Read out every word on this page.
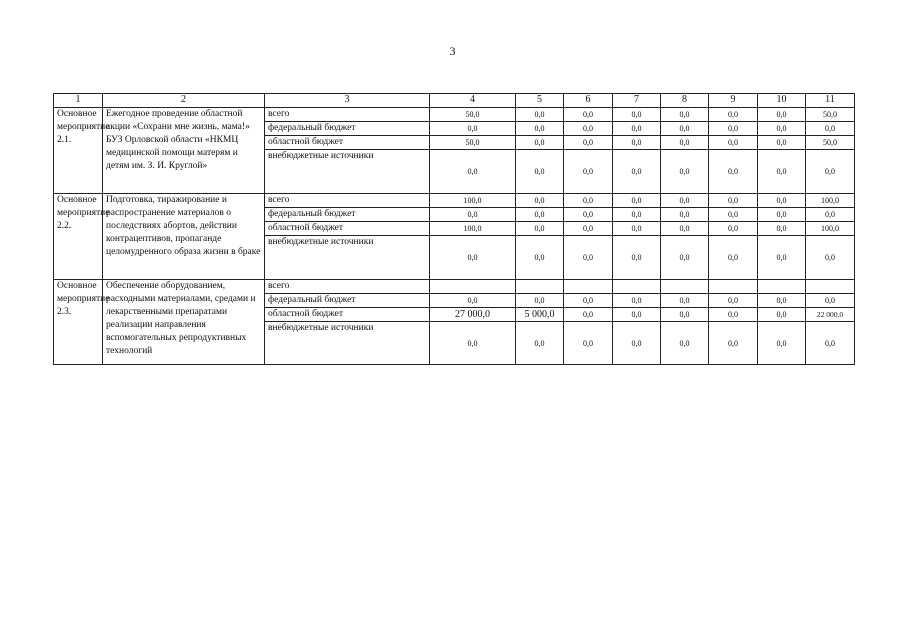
3
1	2	3	4	5	6	7	8	9	10	11
Основное мероприятие 2.1.	Ежегодное проведение областной акции «Сохрани мне жизнь, мама!» БУЗ Орловской области «НКМЦ медицинской помощи матерям и детям им. З. И. Круглой»	всего	50,0	0,0	0,0	0,0	0,0	0,0	0,0	50,0
		федеральный бюджет	0,0	0,0	0,0	0,0	0,0	0,0	0,0	0,0
		областной бюджет	50,0	0,0	0,0	0,0	0,0	0,0	0,0	50,0
		внебюджетные источники	0,0	0,0	0,0	0,0	0,0	0,0	0,0	0,0
Основное мероприятие 2.2.	Подготовка, тиражирование и распространение материалов о последствиях абортов, действии контрацептивов, пропаганде целомудренного образа жизни в браке	всего	100,0	0,0	0,0	0,0	0,0	0,0	0,0	100,0
		федеральный бюджет	0,0	0,0	0,0	0,0	0,0	0,0	0,0	0,0
		областной бюджет	100,0	0,0	0,0	0,0	0,0	0,0	0,0	100,0
		внебюджетные источники	0,0	0,0	0,0	0,0	0,0	0,0	0,0	0,0
Основное мероприятие 2.3.	Обеспечение оборудованием, расходными материалами, средами и лекарственными препаратами реализации направления вспомогательных репродуктивных технологий	всего								
		федеральный бюджет	0,0	0,0	0,0	0,0	0,0	0,0	0,0	0,0
		областной бюджет	27 000,0	5 000,0	0,0	0,0	0,0	0,0	0,0	22 000,0
		внебюджетные источники	0,0	0,0	0,0	0,0	0,0	0,0	0,0	0,0
